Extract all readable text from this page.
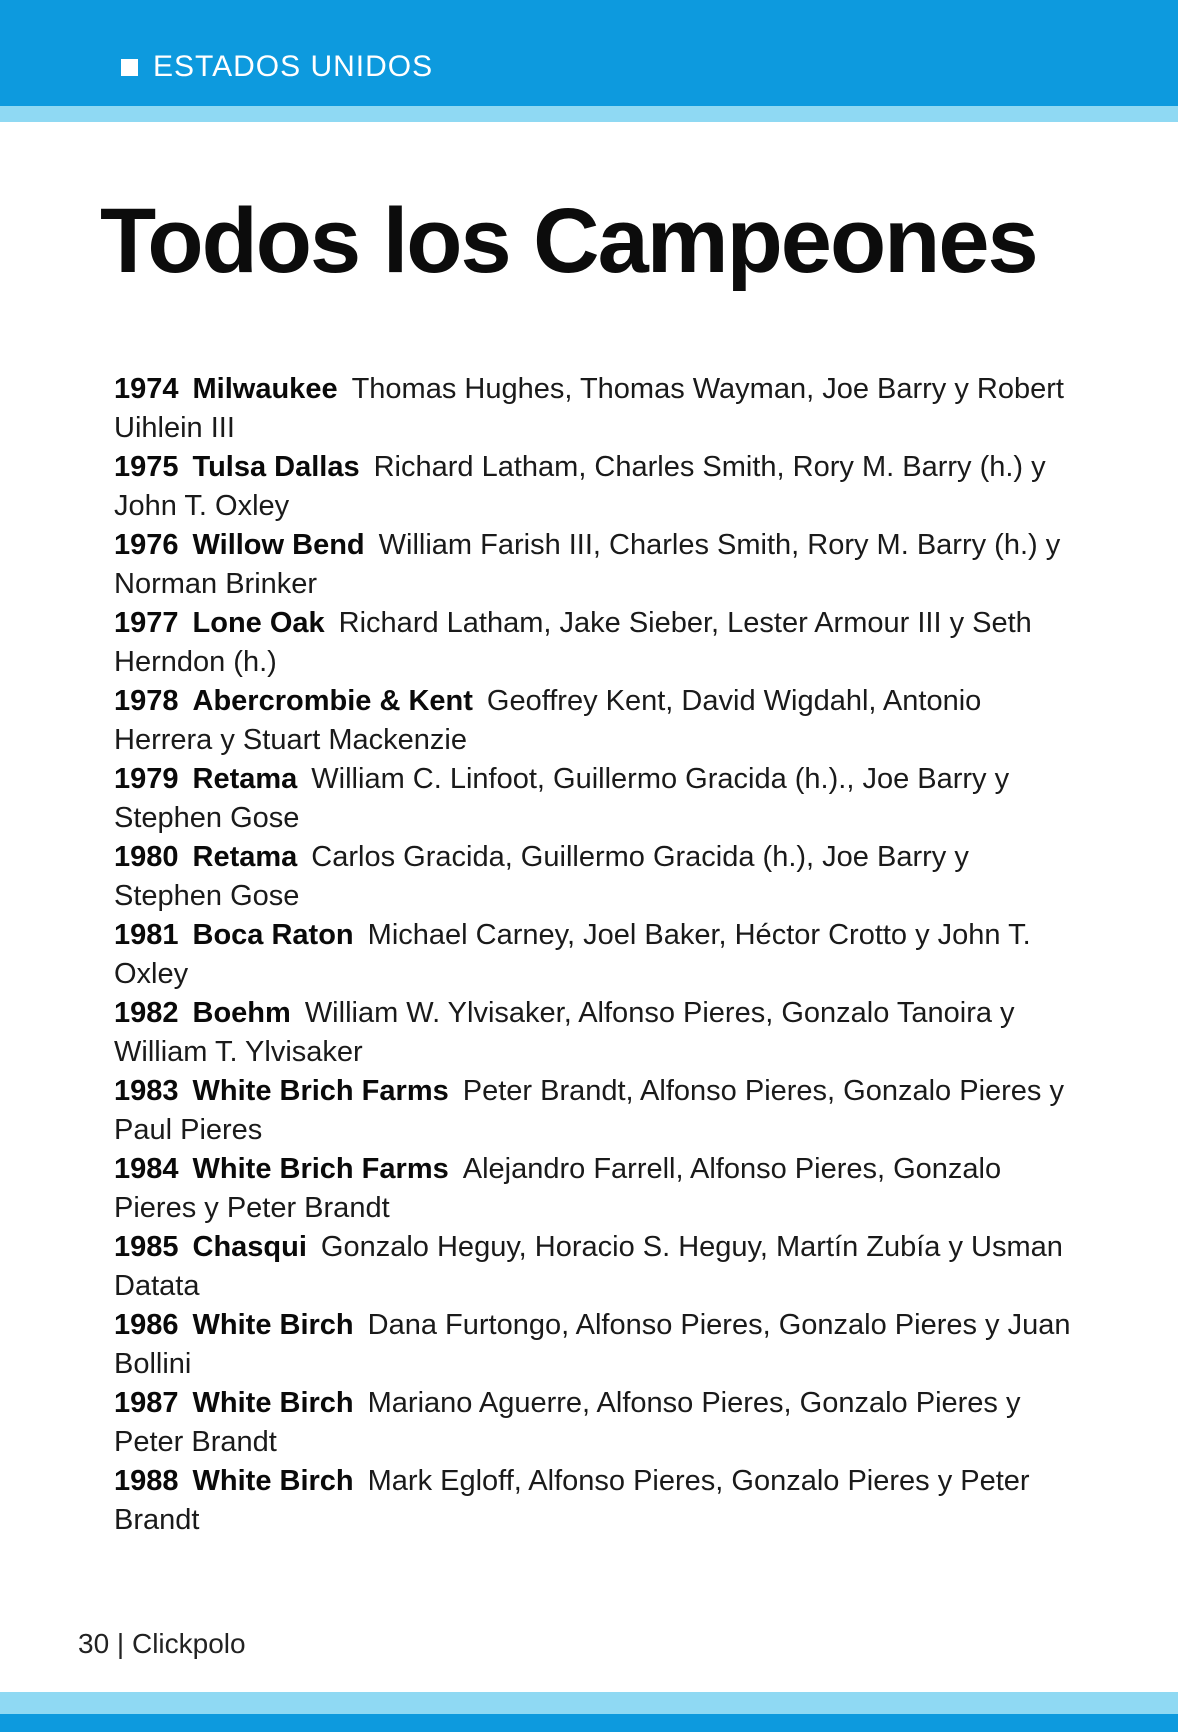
ESTADOS UNIDOS
Todos los Campeones
1974 Milwaukee Thomas Hughes, Thomas Wayman, Joe Barry y Robert Uihlein III
1975 Tulsa Dallas Richard Latham, Charles Smith, Rory M. Barry (h.) y John T. Oxley
1976 Willow Bend William Farish III, Charles Smith, Rory M. Barry (h.) y Norman Brinker
1977 Lone Oak Richard Latham, Jake Sieber, Lester Armour III y Seth Herndon (h.)
1978 Abercrombie & Kent Geoffrey Kent, David Wigdahl, Antonio Herrera y Stuart Mackenzie
1979 Retama William C. Linfoot, Guillermo Gracida (h.)., Joe Barry y Stephen Gose
1980 Retama Carlos Gracida, Guillermo Gracida (h.), Joe Barry y Stephen Gose
1981 Boca Raton Michael Carney, Joel Baker, Héctor Crotto y John T. Oxley
1982 Boehm William W. Ylvisaker, Alfonso Pieres, Gonzalo Tanoira y William T. Ylvisaker
1983 White Brich Farms Peter Brandt, Alfonso Pieres, Gonzalo Pieres y Paul Pieres
1984 White Brich Farms Alejandro Farrell, Alfonso Pieres, Gonzalo Pieres y Peter Brandt
1985 Chasqui Gonzalo Heguy, Horacio S. Heguy, Martín Zubía y Usman Datata
1986 White Birch Dana Furtongo, Alfonso Pieres, Gonzalo Pieres y Juan Bollini
1987 White Birch Mariano Aguerre, Alfonso Pieres, Gonzalo Pieres y Peter Brandt
1988 White Birch Mark Egloff, Alfonso Pieres, Gonzalo Pieres y Peter Brandt
30 | Clickpolo
